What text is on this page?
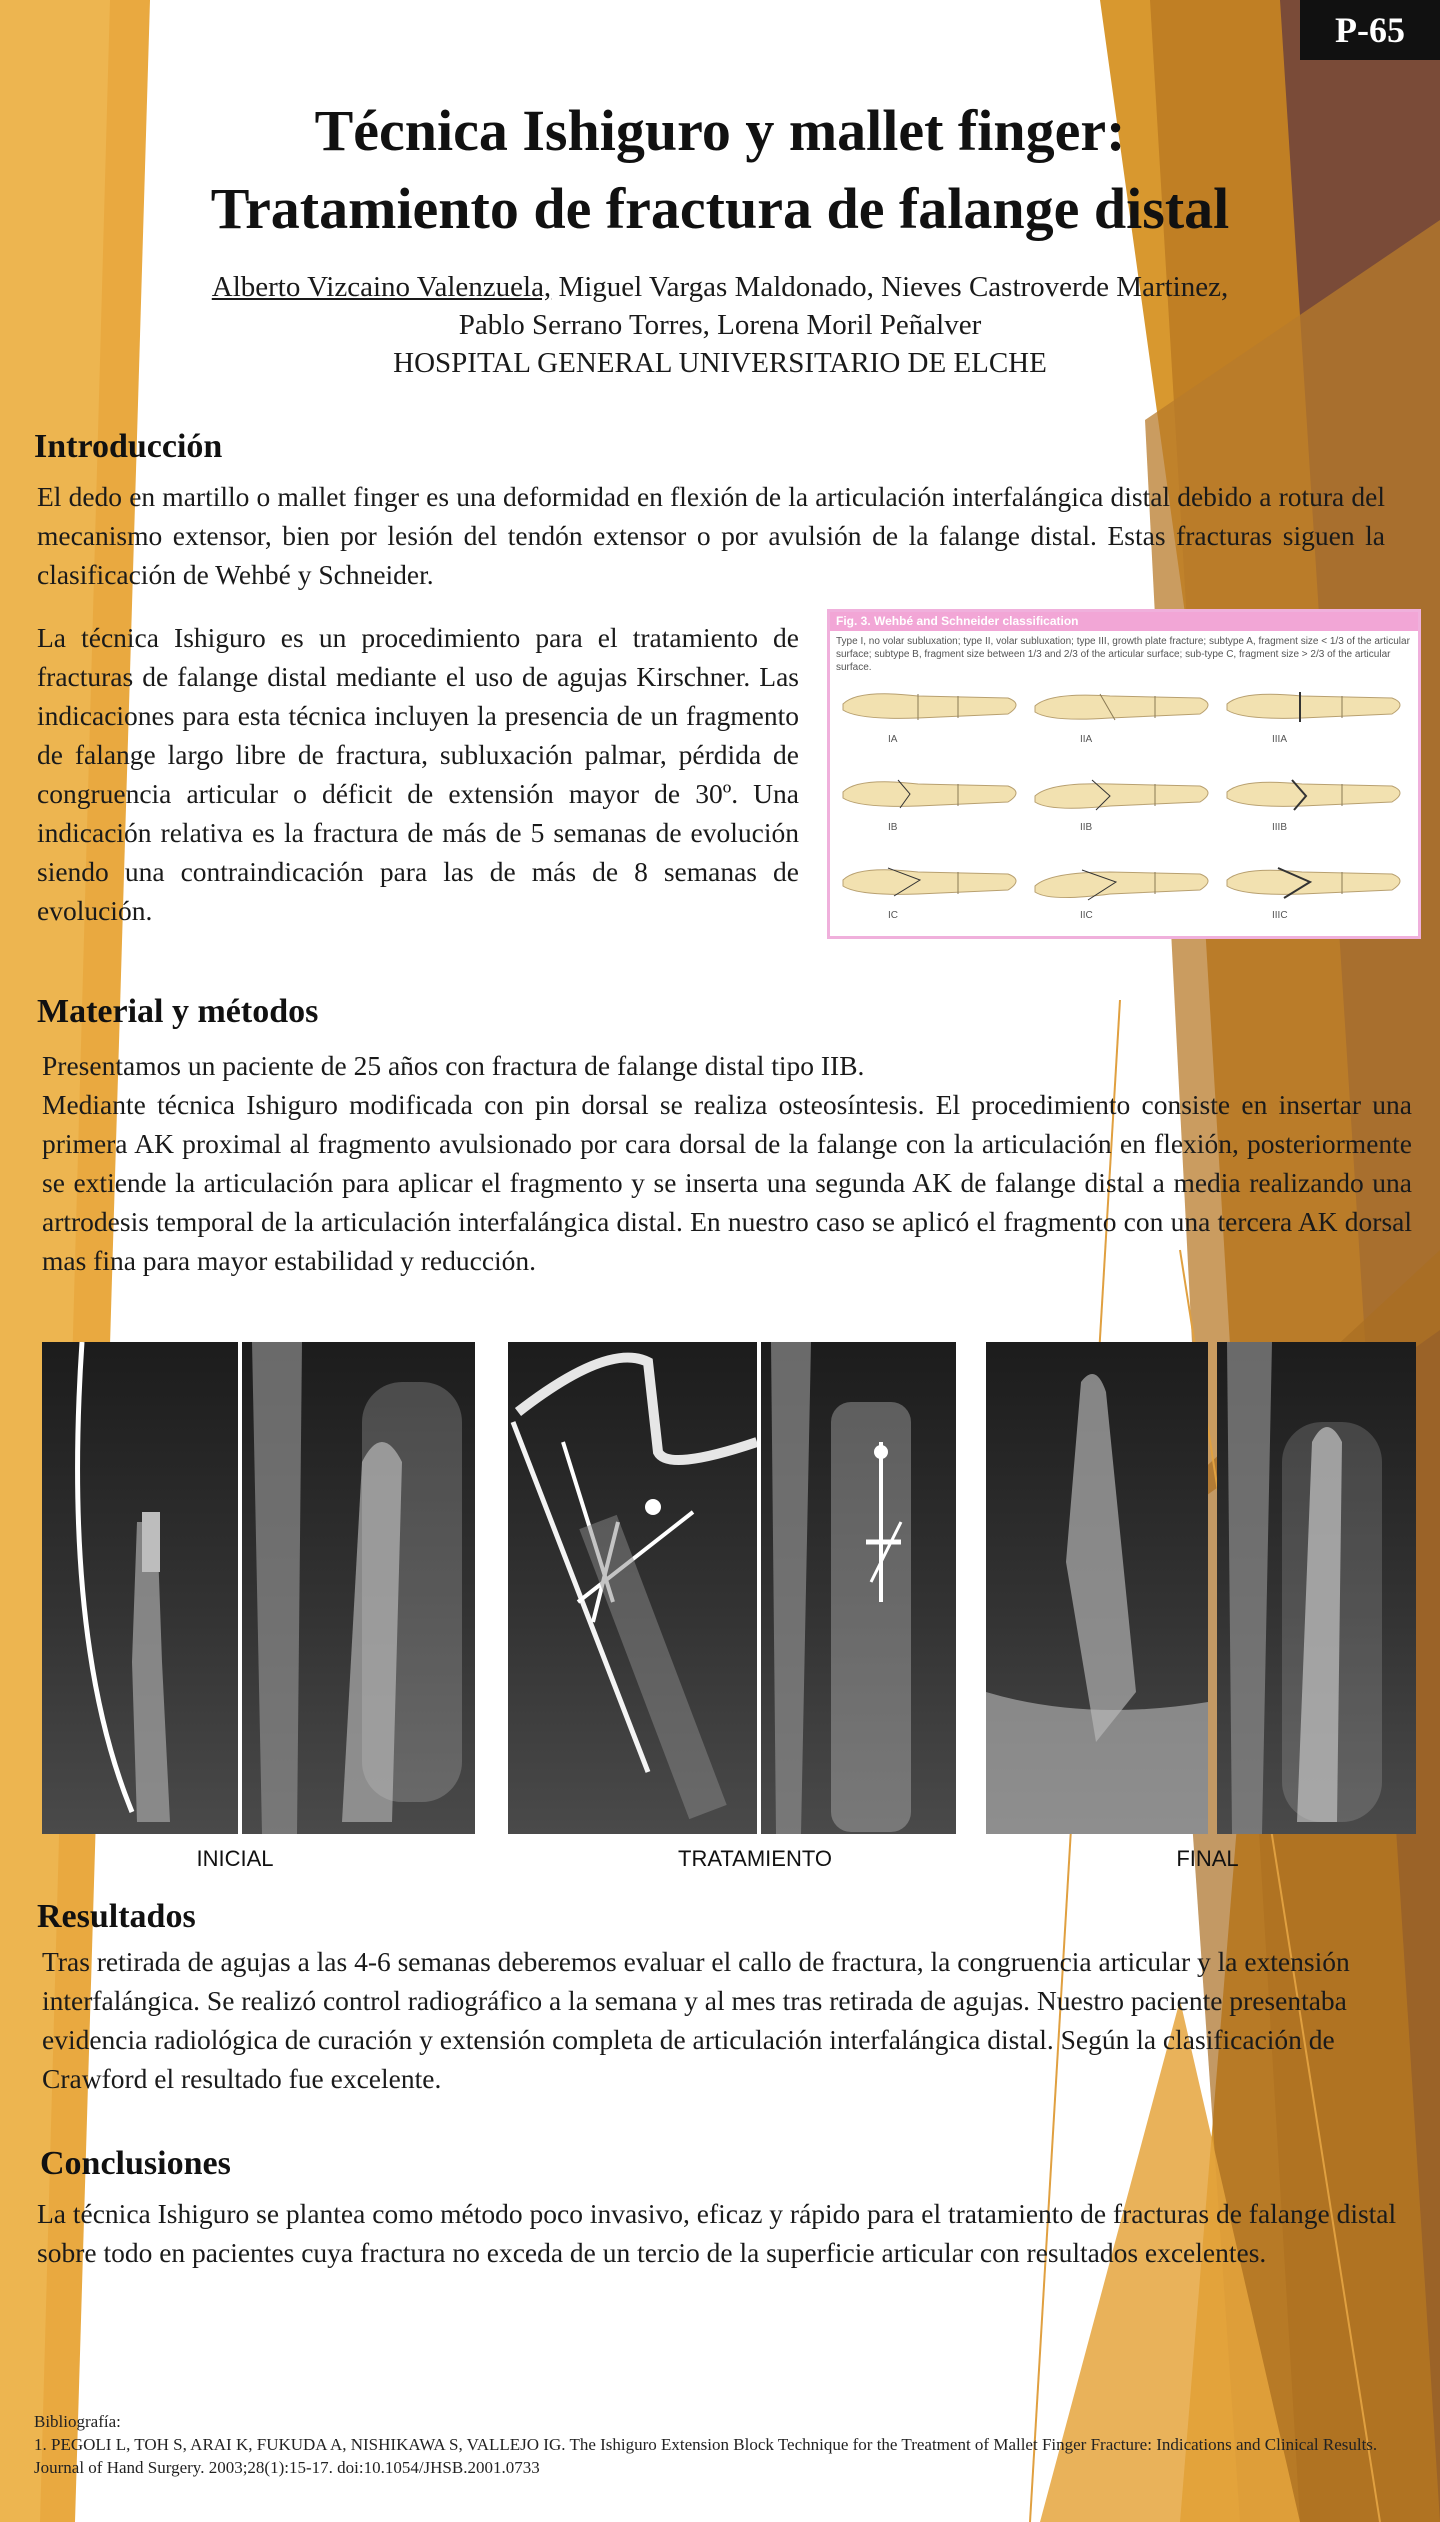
P-65
Técnica Ishiguro y mallet finger:
Tratamiento de fractura de falange distal
Alberto Vizcaino Valenzuela, Miguel Vargas Maldonado, Nieves Castroverde Martinez,
Pablo Serrano Torres, Lorena Moril Peñalver
HOSPITAL GENERAL UNIVERSITARIO DE ELCHE
Introducción
El dedo en martillo o mallet finger es una deformidad en flexión de la articulación interfalángica distal debido a rotura del mecanismo extensor, bien por lesión del tendón extensor o por avulsión de la falange distal. Estas fracturas siguen la clasificación de Wehbé y Schneider.
La técnica Ishiguro es un procedimiento para el tratamiento de fracturas de falange distal mediante el uso de agujas Kirschner. Las indicaciones para esta técnica incluyen la presencia de un fragmento de falange largo libre de fractura, subluxación palmar, pérdida de congruencia articular o déficit de extensión mayor de 30º. Una indicación relativa es la fractura de más de 5 semanas de evolución siendo una contraindicación para las de más de 8 semanas de evolución.
Fig. 3. Wehbé and Schneider classification
Type I, no volar subluxation; type II, volar subluxation; type III, growth plate fracture; subtype A, fragment size < 1/3 of the articular surface; subtype B, fragment size between 1/3 and 2/3 of the articular surface; sub-type C, fragment size > 2/3 of the articular surface.
IA	IIA	IIIA
IB	IIB	IIIB
IC	IIC	IIIC
Material y métodos
Presentamos un paciente de 25 años con fractura de falange distal tipo IIB.
Mediante técnica Ishiguro modificada con pin dorsal se realiza osteosíntesis. El procedimiento consiste en insertar una primera AK proximal al fragmento avulsionado por cara dorsal de la falange con la articulación en flexión, posteriormente se extiende la articulación para aplicar el fragmento y se inserta una segunda AK de falange distal a media realizando una artrodesis temporal de la articulación interfalángica distal. En nuestro caso se aplicó el fragmento con una tercera AK dorsal mas fina para mayor estabilidad y reducción.
INICIAL	TRATAMIENTO	FINAL
Resultados
Tras retirada de agujas a las 4-6 semanas deberemos evaluar el callo de fractura, la congruencia articular y la extensión interfalángica. Se realizó control radiográfico a la semana y al mes tras retirada de agujas. Nuestro paciente presentaba evidencia radiológica de curación y extensión completa de articulación interfalángica distal. Según la clasificación de Crawford el resultado fue excelente.
Conclusiones
La técnica Ishiguro se plantea como método poco invasivo, eficaz y rápido para el tratamiento de fracturas de falange distal sobre todo en pacientes cuya fractura no exceda de un tercio de la superficie articular con resultados excelentes.
Bibliografía:
1. PEGOLI L, TOH S, ARAI K, FUKUDA A, NISHIKAWA S, VALLEJO IG. The Ishiguro Extension Block Technique for the Treatment of Mallet Finger Fracture: Indications and Clinical Results. Journal of Hand Surgery. 2003;28(1):15-17. doi:10.1054/JHSB.2001.0733
